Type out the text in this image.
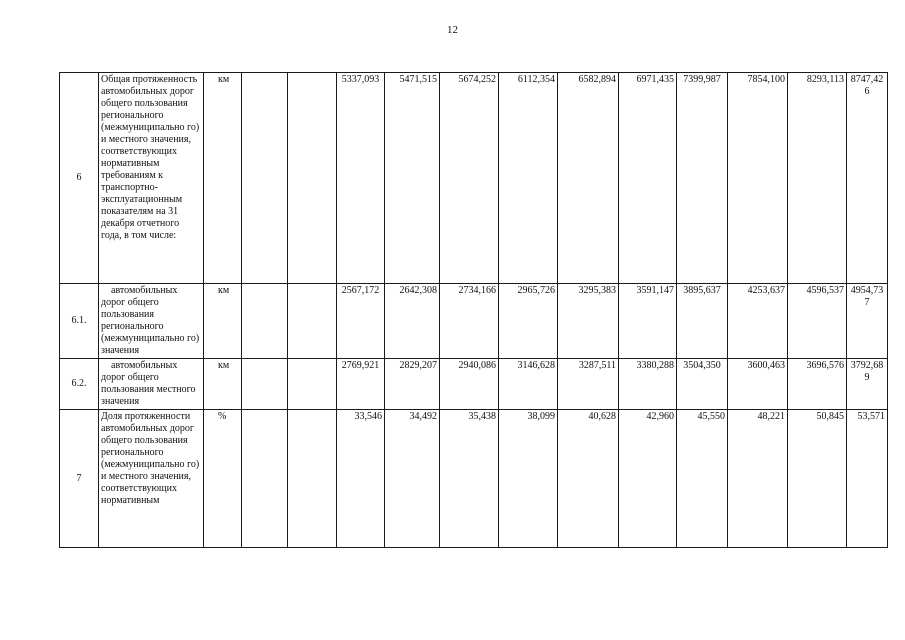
12
6	Общая протяженность автомобильных дорог общего пользования регионального (межмуниципально го) и местного значения, соответствующих нормативным требованиям к транспортно-эксплуатационным показателям на 31 декабря отчетного года, в том числе:	км			5337,093	5471,515	5674,252	6112,354	6582,894	6971,435	7399,987	7854,100	8293,113	8747,426
6.1.	автомобильных дорог общего пользования регионального (межмуниципально го) значения	км			2567,172	2642,308	2734,166	2965,726	3295,383	3591,147	3895,637	4253,637	4596,537	4954,737
6.2.	автомобильных дорог общего пользования местного значения	км			2769,921	2829,207	2940,086	3146,628	3287,511	3380,288	3504,350	3600,463	3696,576	3792,689
7	Доля протяженности автомобильных дорог общего пользования регионального (межмуниципально го) и местного значения, соответствующих нормативным	%			33,546	34,492	35,438	38,099	40,628	42,960	45,550	48,221	50,845	53,571
